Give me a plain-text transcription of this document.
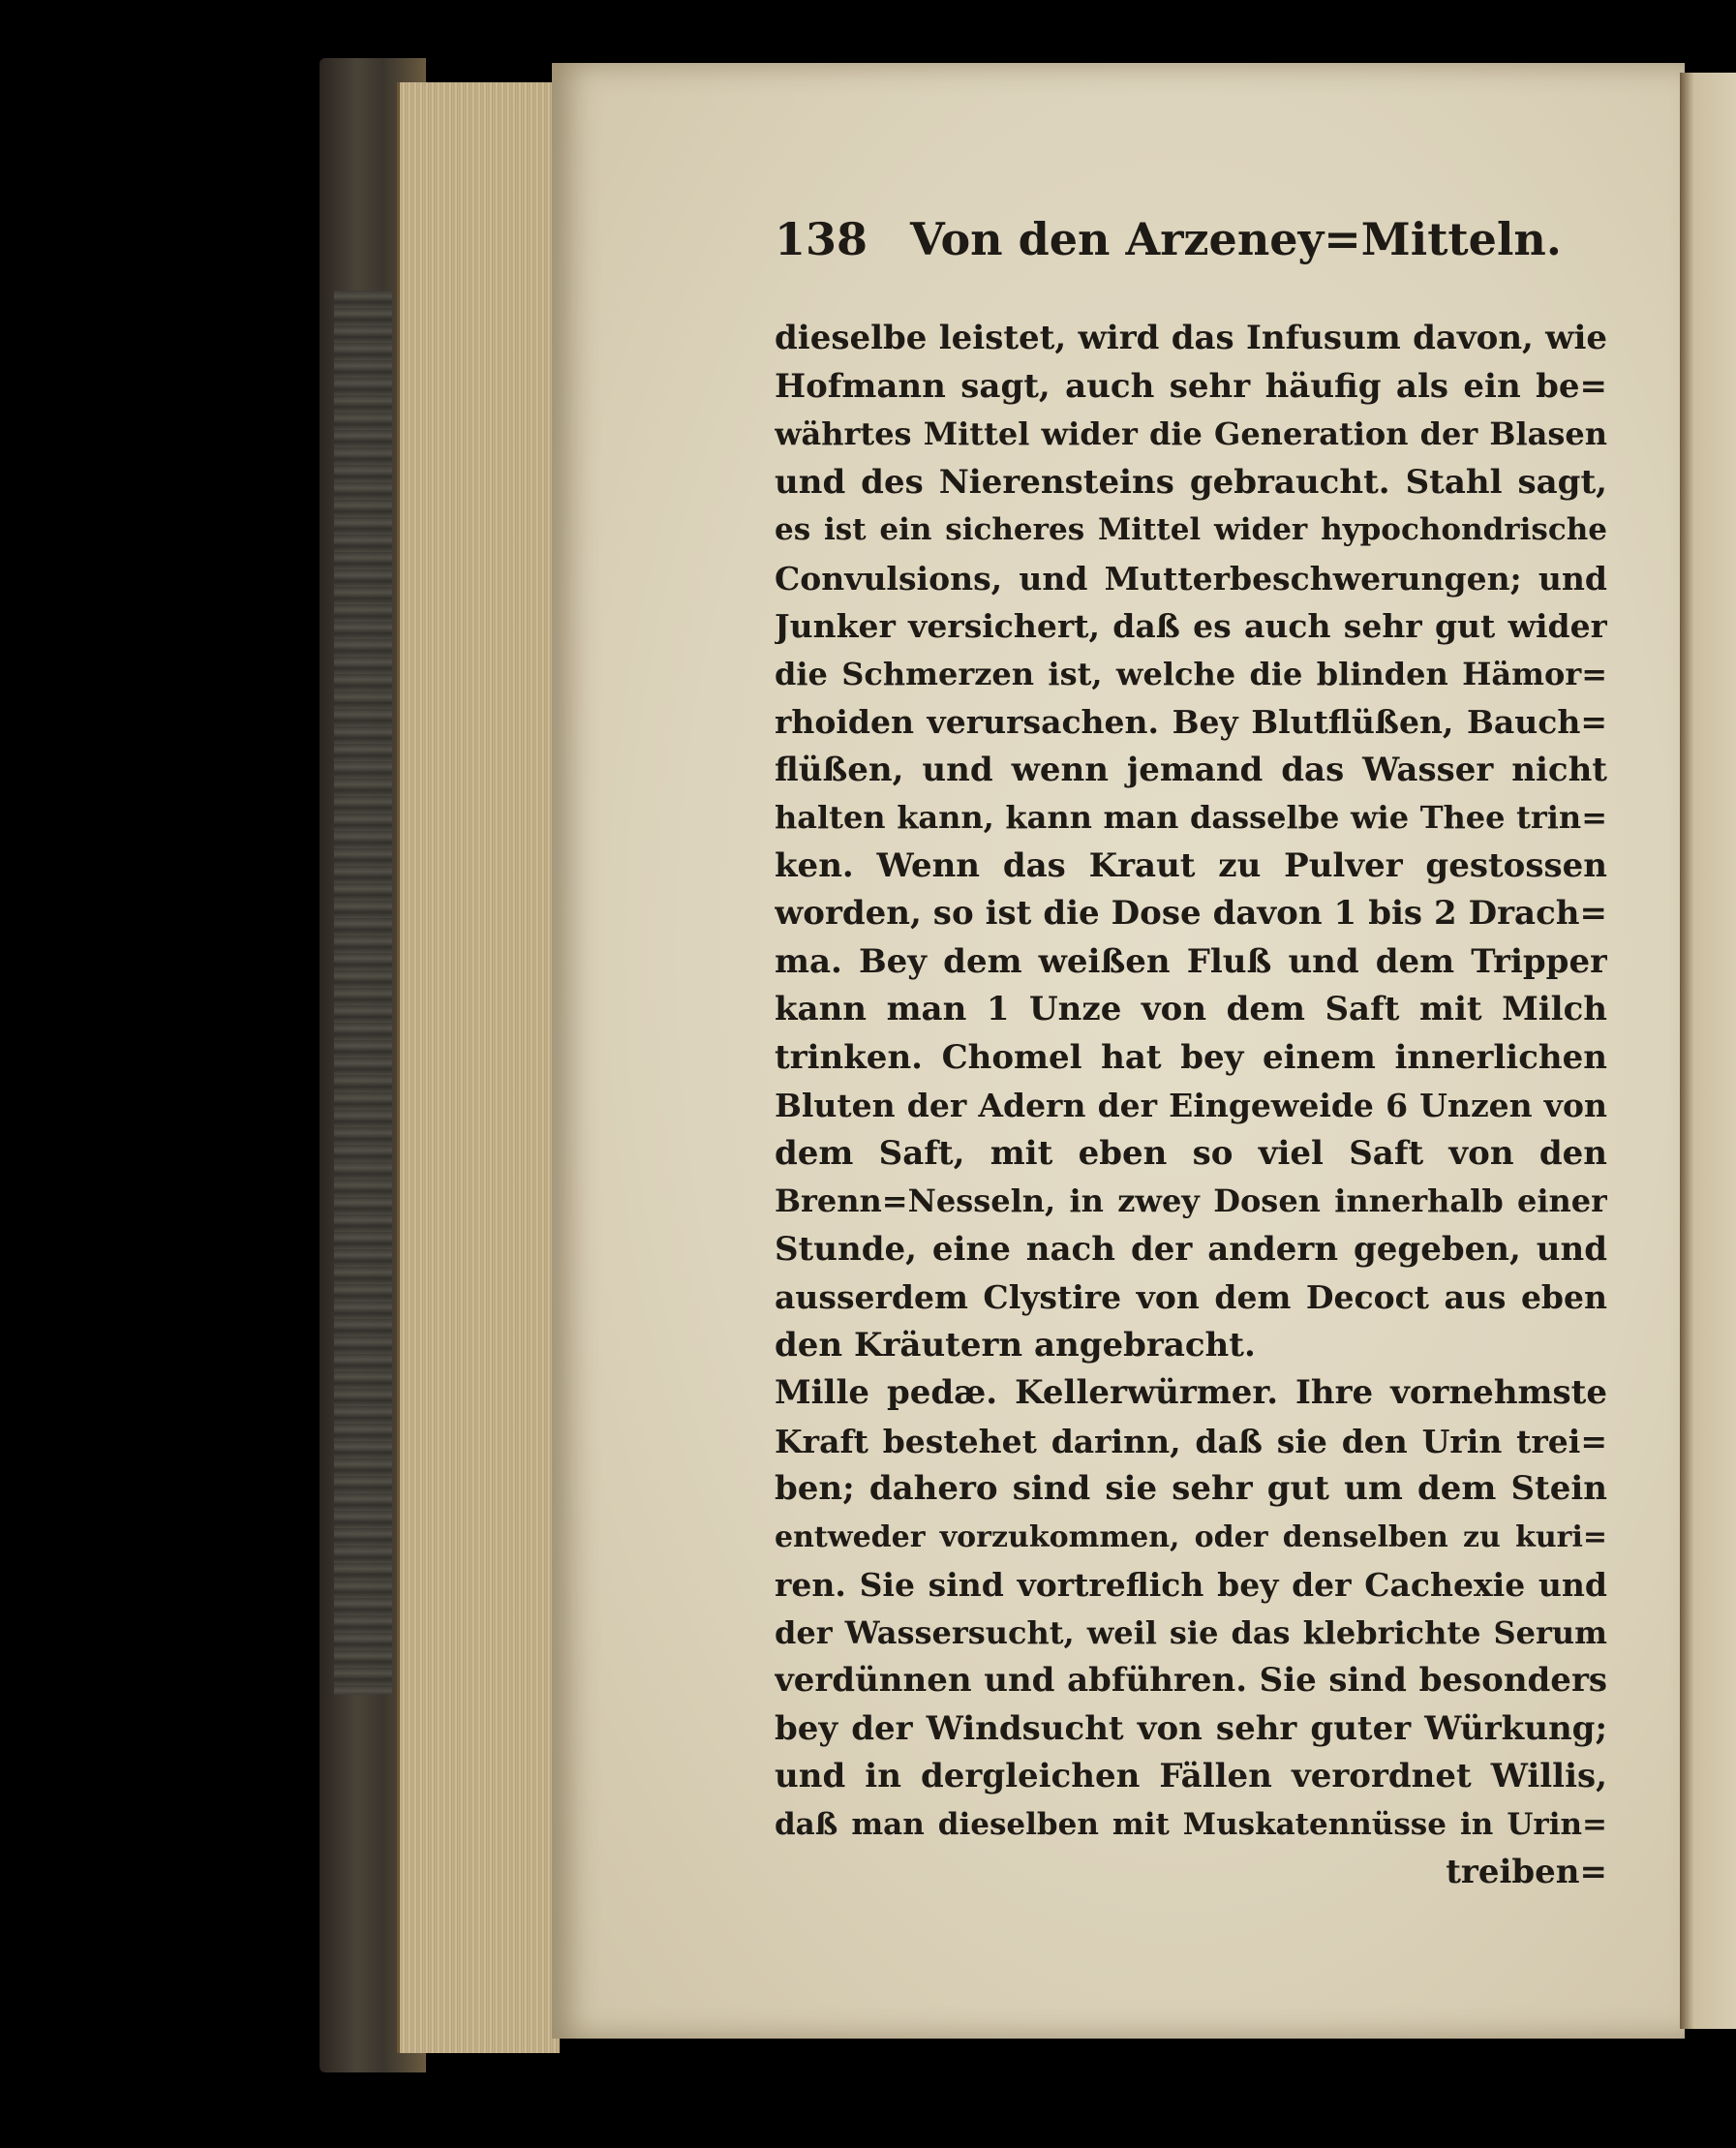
138 Von den Arzeney=Mitteln.
dieselbe leistet, wird das Infusum davon, wie
Hofmann sagt, auch sehr häufig als ein be=
währtes Mittel wider die Generation der Blasen
und des Nierensteins gebraucht. Stahl sagt,
es ist ein sicheres Mittel wider hypochondrische
Convulsions, und Mutterbeschwerungen; und
Junker versichert, daß es auch sehr gut wider
die Schmerzen ist, welche die blinden Hämor=
rhoiden verursachen. Bey Blutflüßen, Bauch=
flüßen, und wenn jemand das Wasser nicht
halten kann, kann man dasselbe wie Thee trin=
ken. Wenn das Kraut zu Pulver gestossen
worden, so ist die Dose davon 1 bis 2 Drach=
ma. Bey dem weißen Fluß und dem Tripper
kann man 1 Unze von dem Saft mit Milch
trinken. Chomel hat bey einem innerlichen
Bluten der Adern der Eingeweide 6 Unzen von
dem Saft, mit eben so viel Saft von den
Brenn=Nesseln, in zwey Dosen innerhalb einer
Stunde, eine nach der andern gegeben, und
ausserdem Clystire von dem Decoct aus eben
den Kräutern angebracht.
Mille pedæ. Kellerwürmer. Ihre vornehmste
Kraft bestehet darinn, daß sie den Urin trei=
ben; dahero sind sie sehr gut um dem Stein
entweder vorzukommen, oder denselben zu kuri=
ren. Sie sind vortreflich bey der Cachexie und
der Wassersucht, weil sie das klebrichte Serum
verdünnen und abführen. Sie sind besonders
bey der Windsucht von sehr guter Würkung;
und in dergleichen Fällen verordnet Willis,
daß man dieselben mit Muskatennüsse in Urin=
treiben=
